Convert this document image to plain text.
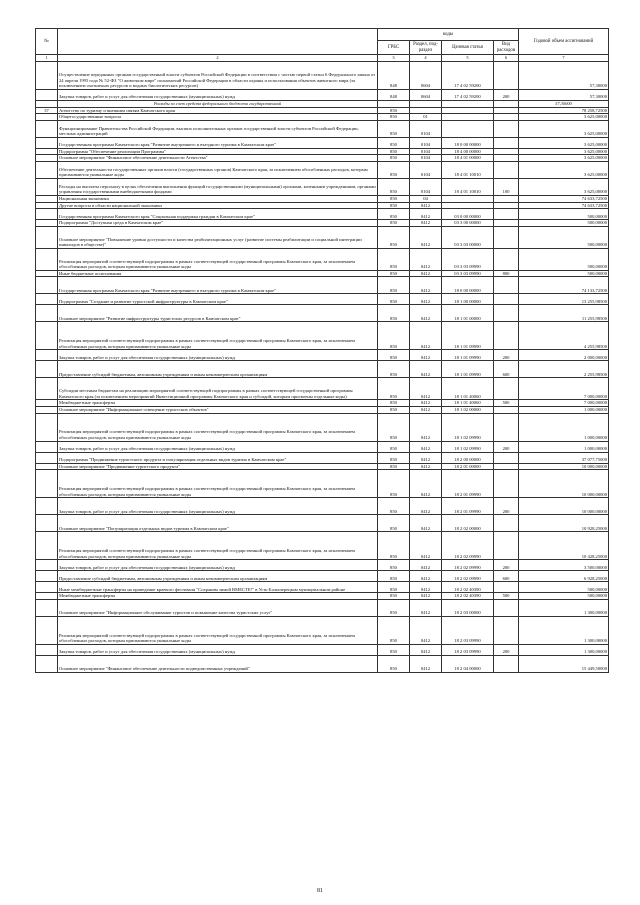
№		коды				Годовой объем ассигнований
		ГРБС	Раздел, под-раздел	Целевая статья	Вид расходов	
1	2	3	4	5	6	7
	Осуществление переданных органам государственной власти субъектов Российской Федерации в соответствии с частью первой статьи 6 Федерального закона от 24 апреля 1995 года № 52-ФЗ "О животном мире" полномочий Российской Федерации в области охраны и использования объектов животного мира (за исключением охотничьих ресурсов и водных биологических ресурсов)	848	0604	17 4 02 59200		57,30000
	Закупка товаров, работ и услуг для обеспечения государственных (муниципальных) нужд	848	0604	17 4 02 59200	200	57,30000
	Расходы за счет средств федерального бюджета государственной					57,30000
37	Агентство по туризму и внешним связям Камчатского края	850				78 258,72500
	Общегосударственные вопросы	850	01			3 625,00000
	Функционирование Правительства Российской Федерации, высших исполнительных органов государственной власти субъектов Российской Федерации, местных администраций	850	0104			3 625,00000
	Государственная программа Камчатского края "Развитие внутреннего и въездного туризма в Камчатском крае"	850	0104	18 0 00 00000		3 625,00000
	Подпрограмма "Обеспечение реализации Программы"	850	0104	18 4 00 00000		3 625,00000
	Основное мероприятие "Финансовое обеспечение деятельности Агентства"	850	0104	18 4 01 00000		3 625,00000
	Обеспечение деятельности государственных органов власти (государственных органов) Камчатского края, за исключением обособленных расходов, которым присваиваются уникальные коды	850	0104	18 4 01 10010		3 625,00000
	Расходы на выплаты персоналу в целях обеспечения выполнения функций государственными (муниципальными) органами, казенными учреждениями, органами управления государственными внебюджетными фондами	850	0104	18 4 01 10010	100	3 625,00000
	Национальная экономика	850	04			74 633,72500
	Другие вопросы в области национальной экономики	850	0412			74 633,72500
	Государственная программа Камчатского края "Социальная поддержка граждан в Камчатском крае"	850	0412	03 0 00 00000		500,00000
	Подпрограмма "Доступная среда в Камчатском крае"	850	0412	03 3 00 00000		500,00000
	Основное мероприятие "Повышение уровня доступности и качества реабилитационных услуг (развитие системы реабилитации и социальной интеграции инвалидов в обществе)"	850	0412	03 3 03 00000		500,00000
	Реализация мероприятий соответствующей подпрограммы в рамках соответствующей государственной программы Камчатского края, за исключением обособленных расходов, которым присваиваются уникальные коды	850	0412	03 3 03 09990		500,00000
	Иные бюджетные ассигнования	850	0412	03 3 03 09990	800	500,00000
	Государственная программа Камчатского края "Развитие внутреннего и въездного туризма в Камчатском крае"	850	0412	18 0 00 00000		74 133,72500
	Подпрограмма "Создание и развитие туристской инфраструктуры в Камчатском крае"	850	0412	18 1 00 00000		13 255,98500
	Основное мероприятие "Развитие инфраструктуры туристских ресурсов в Камчатском крае"	850	0412	18 1 01 00000		11 255,98500
	Реализация мероприятий соответствующей подпрограммы в рамках соответствующей государственной программы Камчатского края, за исключением обособленных расходов, которым присваиваются уникальные коды	850	0412	18 1 01 09990		4 255,98500
	Закупка товаров, работ и услуг для обеспечения государственных (муниципальных) нужд	850	0412	18 1 01 09990	200	2 000,00000
	Предоставление субсидий бюджетным, автономным учреждениям и иным некоммерческим организациям	850	0412	18 1 01 09990	600	2 255,98500
	Субсидии местным бюджетам на реализацию мероприятий соответствующей подпрограммы в рамках соответствующей государственной программы Камчатского края (за исключением мероприятий Инвестиционной программы Камчатского края и субсидий, которым присвоены отдельные коды)	850	0412	18 1 01 40060		7 000,00000
	Межбюджетные трансферты	850	0412	18 1 01 40060	500	7 000,00000
	Основное мероприятие "Информационное освещение туристских объектов"	850	0412	18 1 02 00000		1 000,00000
	Реализация мероприятий соответствующей подпрограммы в рамках соответствующей государственной программы Камчатского края, за исключением обособленных расходов, которым присваиваются уникальные коды	850	0412	18 1 02 09990		1 000,00000
	Закупка товаров, работ и услуг для обеспечения государственных (муниципальных) нужд	850	0412	18 1 02 09990	200	1 000,00000
	Подпрограмма "Продвижение туристского продукта и популяризация отдельных видов туризма в Камчатском крае"	850	0412	18 2 00 00000		37 077,75000
	Основное мероприятие "Продвижение туристского продукта"	850	0412	18 2 01 00000		10 000,00000
	Реализация мероприятий соответствующей подпрограммы в рамках соответствующей государственной программы Камчатского края, за исключением обособленных расходов, которым присваиваются уникальные коды	850	0412	18 2 01 09990		10 000,00000
	Закупка товаров, работ и услуг для обеспечения государственных (муниципальных) нужд	850	0412	18 2 01 09990	200	10 000,00000
	Основное мероприятие "Популяризация отдельных видов туризма в Камчатском крае"	850	0412	18 2 02 00000		10 928,25000
	Реализация мероприятий соответствующей подпрограммы в рамках соответствующей государственной программы Камчатского края, за исключением обособленных расходов, которым присваиваются уникальные коды	850	0412	18 2 02 09990		10 428,25000
	Закупка товаров, работ и услуг для обеспечения государственных (муниципальных) нужд	850	0412	18 2 02 09990	200	3 500,00000
	Предоставление субсидий бюджетным, автономным учреждениям и иным некоммерческим организациям	850	0412	18 2 02 09990	600	6 928,25000
	Иные межбюджетные трансферты на проведение краевого фестиваля "Сохраним зимой ВМЕСТЕ!" в Усть-Большерецком муниципальном районе	850	0412	18 2 02 40390		500,00000
	Межбюджетные трансферты	850	0412	18 2 02 40390	500	500,00000
	Основное мероприятие "Информационное обслуживание туристов и повышение качества туристских услуг"	850	0412	18 2 03 00000		1 300,00000
	Реализация мероприятий соответствующей подпрограммы в рамках соответствующей государственной программы Камчатского края, за исключением обособленных расходов, которым присваиваются уникальные коды	850	0412	18 2 03 09990		1 300,00000
	Закупка товаров, работ и услуг для обеспечения государственных (муниципальных) нужд	850	0412	18 2 03 09990	200	1 300,00000
	Основное мероприятие "Финансовое обеспечение деятельности подведомственных учреждений"	850	0412	18 2 04 00000		15 449,50000
81
